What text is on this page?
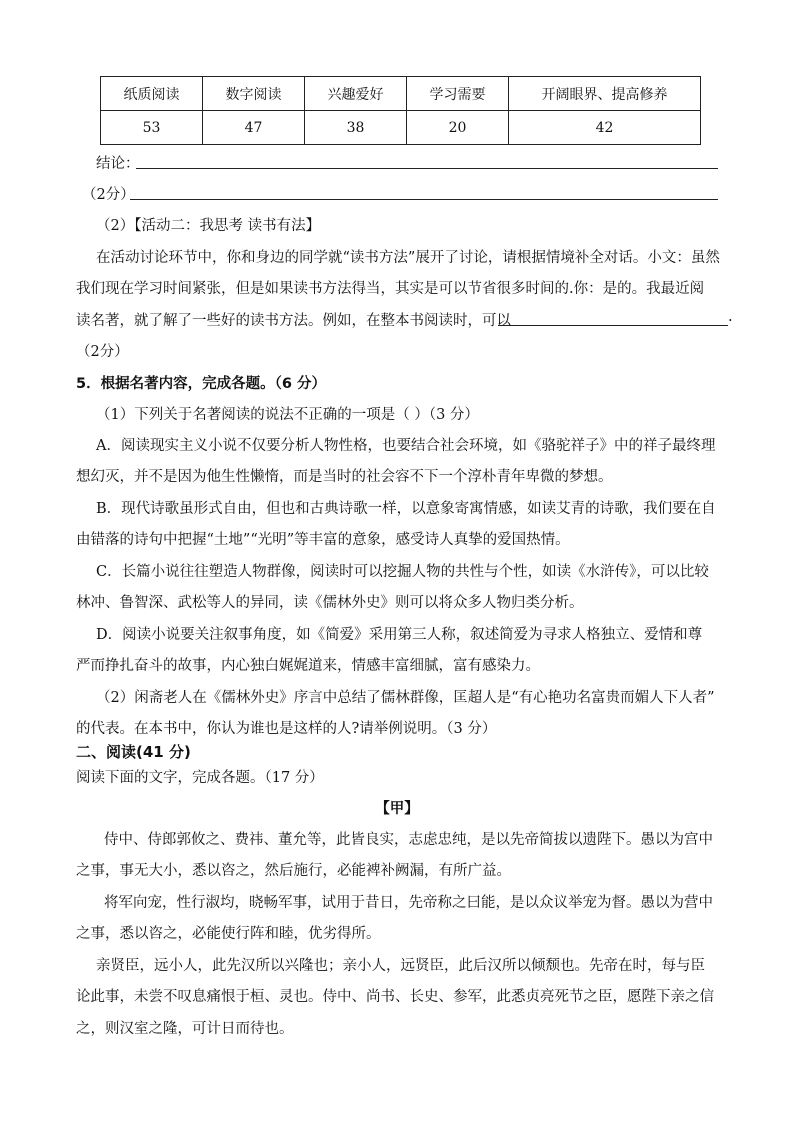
纸质阅读	数字阅读	兴趣爱好	学习需要	开阔眼界、提高修养
53	47	38	20	42
结论：
（2分）
（2）【活动二：我思考 读书有法】
在活动讨论环节中，你和身边的同学就“读书方法”展开了讨论，请根据情境补全对话。小文：虽然
我们现在学习时间紧张，但是如果读书方法得当，其实是可以节省很多时间的.你：是的。我最近阅
读名著，就了解了一些好的读书方法。例如，在整本书阅读时，可以	.
（2分）
5．根据名著内容，完成各题。（6 分）
（1）下列关于名著阅读的说法不正确的一项是（ ）（3 分）
A．阅读现实主义小说不仅要分析人物性格，也要结合社会环境，如《骆驼祥子》中的祥子最终理
想幻灭，并不是因为他生性懒惰，而是当时的社会容不下一个淳朴青年卑微的梦想。
B．现代诗歌虽形式自由，但也和古典诗歌一样，以意象寄寓情感，如读艾青的诗歌，我们要在自
由错落的诗句中把握“土地”“光明”等丰富的意象，感受诗人真挚的爱国热情。
C．长篇小说往往塑造人物群像，阅读时可以挖掘人物的共性与个性，如读《水浒传》，可以比较
林冲、鲁智深、武松等人的异同，读《儒林外史》则可以将众多人物归类分析。
D．阅读小说要关注叙事角度，如《简爱》采用第三人称，叙述简爱为寻求人格独立、爱情和尊
严而挣扎奋斗的故事，内心独白娓娓道来，情感丰富细腻，富有感染力。
（2）闲斋老人在《儒林外史》序言中总结了儒林群像，匡超人是“有心艳功名富贵而媚人下人者”
的代表。在本书中，你认为谁也是这样的人?请举例说明。（3 分）
二、阅读(41 分)
阅读下面的文字，完成各题。（17 分）
【甲】
侍中、侍郎郭攸之、费祎、董允等，此皆良实，志虑忠纯，是以先帝简拔以遗陛下。愚以为宫中
之事，事无大小，悉以咨之，然后施行，必能裨补阙漏，有所广益。
将军向宠，性行淑均，晓畅军事，试用于昔日，先帝称之曰能，是以众议举宠为督。愚以为营中
之事，悉以咨之，必能使行阵和睦，优劣得所。
亲贤臣，远小人，此先汉所以兴隆也；亲小人，远贤臣，此后汉所以倾颓也。先帝在时，每与臣
论此事，未尝不叹息痛恨于桓、灵也。侍中、尚书、长史、参军，此悉贞亮死节之臣，愿陛下亲之信
之，则汉室之隆，可计日而待也。
